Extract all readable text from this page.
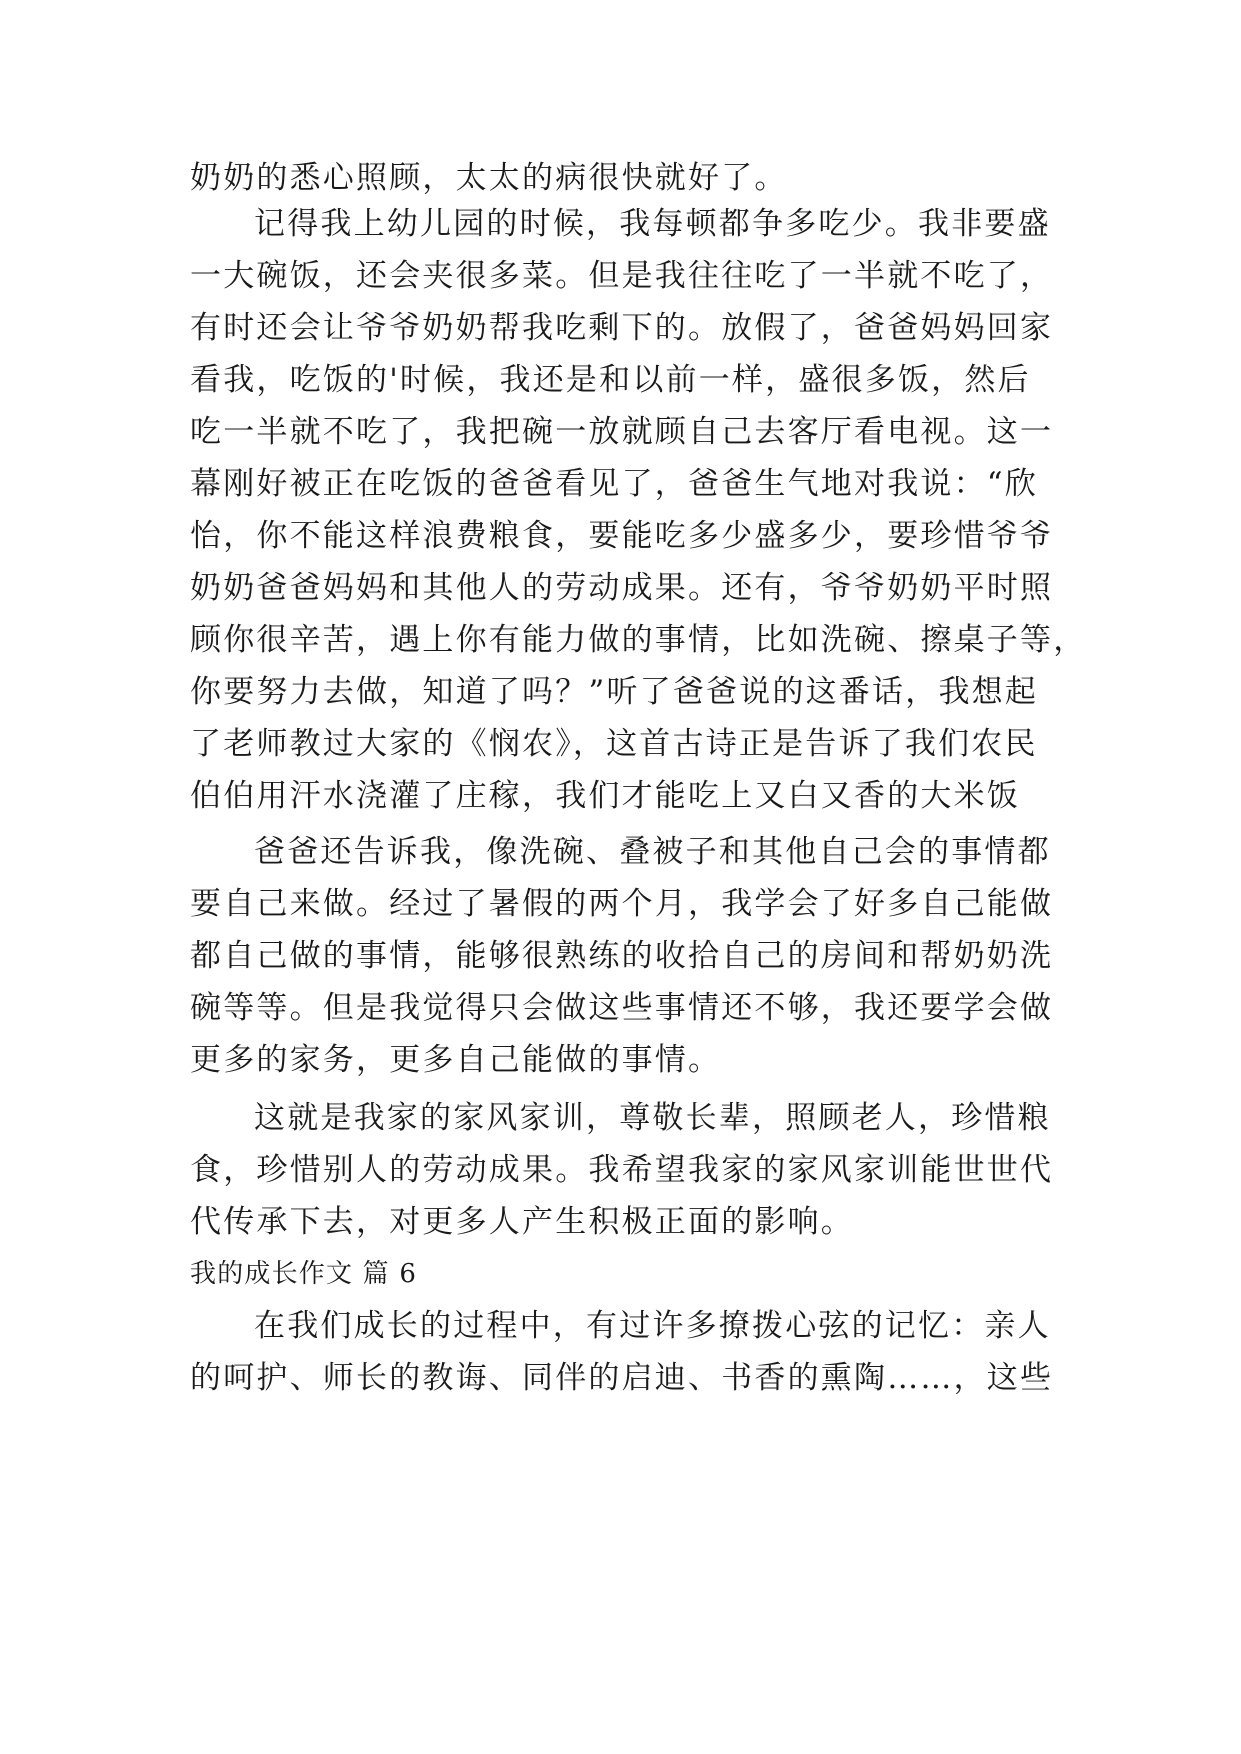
奶奶的悉心照顾，太太的病很快就好了。
记得我上幼儿园的时候，我每顿都争多吃少。我非要盛
一大碗饭，还会夹很多菜。但是我往往吃了一半就不吃了，
有时还会让爷爷奶奶帮我吃剩下的。放假了，爸爸妈妈回家
看我，吃饭的'时候，我还是和以前一样，盛很多饭，然后
吃一半就不吃了，我把碗一放就顾自己去客厅看电视。这一
幕刚好被正在吃饭的爸爸看见了，爸爸生气地对我说：“欣
怡，你不能这样浪费粮食，要能吃多少盛多少，要珍惜爷爷
奶奶爸爸妈妈和其他人的劳动成果。还有，爷爷奶奶平时照
顾你很辛苦，遇上你有能力做的事情，比如洗碗、擦桌子等，
你要努力去做，知道了吗？”听了爸爸说的这番话，我想起
了老师教过大家的《悯农》，这首古诗正是告诉了我们农民
伯伯用汗水浇灌了庄稼，我们才能吃上又白又香的大米饭
爸爸还告诉我，像洗碗、叠被子和其他自己会的事情都
要自己来做。经过了暑假的两个月，我学会了好多自己能做
都自己做的事情，能够很熟练的收拾自己的房间和帮奶奶洗
碗等等。但是我觉得只会做这些事情还不够，我还要学会做
更多的家务，更多自己能做的事情。
这就是我家的家风家训，尊敬长辈，照顾老人，珍惜粮
食，珍惜别人的劳动成果。我希望我家的家风家训能世世代
代传承下去，对更多人产生积极正面的影响。
我的成长作文 篇 6
在我们成长的过程中，有过许多撩拨心弦的记忆：亲人
的呵护、师长的教诲、同伴的启迪、书香的熏陶……，这些
